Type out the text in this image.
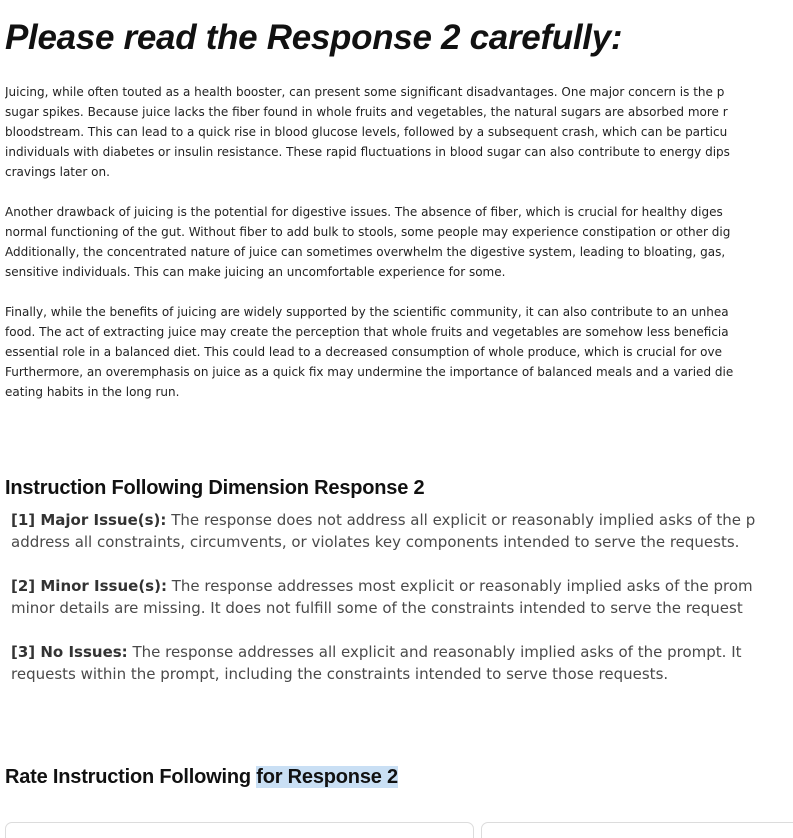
Please read the Response 2 carefully:
Juicing, while often touted as a health booster, can present some significant disadvantages. One major concern is the p
sugar spikes. Because juice lacks the fiber found in whole fruits and vegetables, the natural sugars are absorbed more r
bloodstream. This can lead to a quick rise in blood glucose levels, followed by a subsequent crash, which can be particu
individuals with diabetes or insulin resistance. These rapid fluctuations in blood sugar can also contribute to energy dips
cravings later on.
Another drawback of juicing is the potential for digestive issues. The absence of fiber, which is crucial for healthy diges
normal functioning of the gut. Without fiber to add bulk to stools, some people may experience constipation or other dig
Additionally, the concentrated nature of juice can sometimes overwhelm the digestive system, leading to bloating, gas,
sensitive individuals. This can make juicing an uncomfortable experience for some.
Finally, while the benefits of juicing are widely supported by the scientific community, it can also contribute to an unhea
food. The act of extracting juice may create the perception that whole fruits and vegetables are somehow less beneficia
essential role in a balanced diet. This could lead to a decreased consumption of whole produce, which is crucial for ove
Furthermore, an overemphasis on juice as a quick fix may undermine the importance of balanced meals and a varied die
eating habits in the long run.
Instruction Following Dimension Response 2
[1] Major Issue(s): The response does not address all explicit or reasonably implied asks of the p
address all constraints, circumvents, or violates key components intended to serve the requests.
[2] Minor Issue(s): The response addresses most explicit or reasonably implied asks of the prom
minor details are missing. It does not fulfill some of the constraints intended to serve the request
[3] No Issues: The response addresses all explicit and reasonably implied asks of the prompt. It
requests within the prompt, including the constraints intended to serve those requests.
Rate Instruction Following for Response 2
